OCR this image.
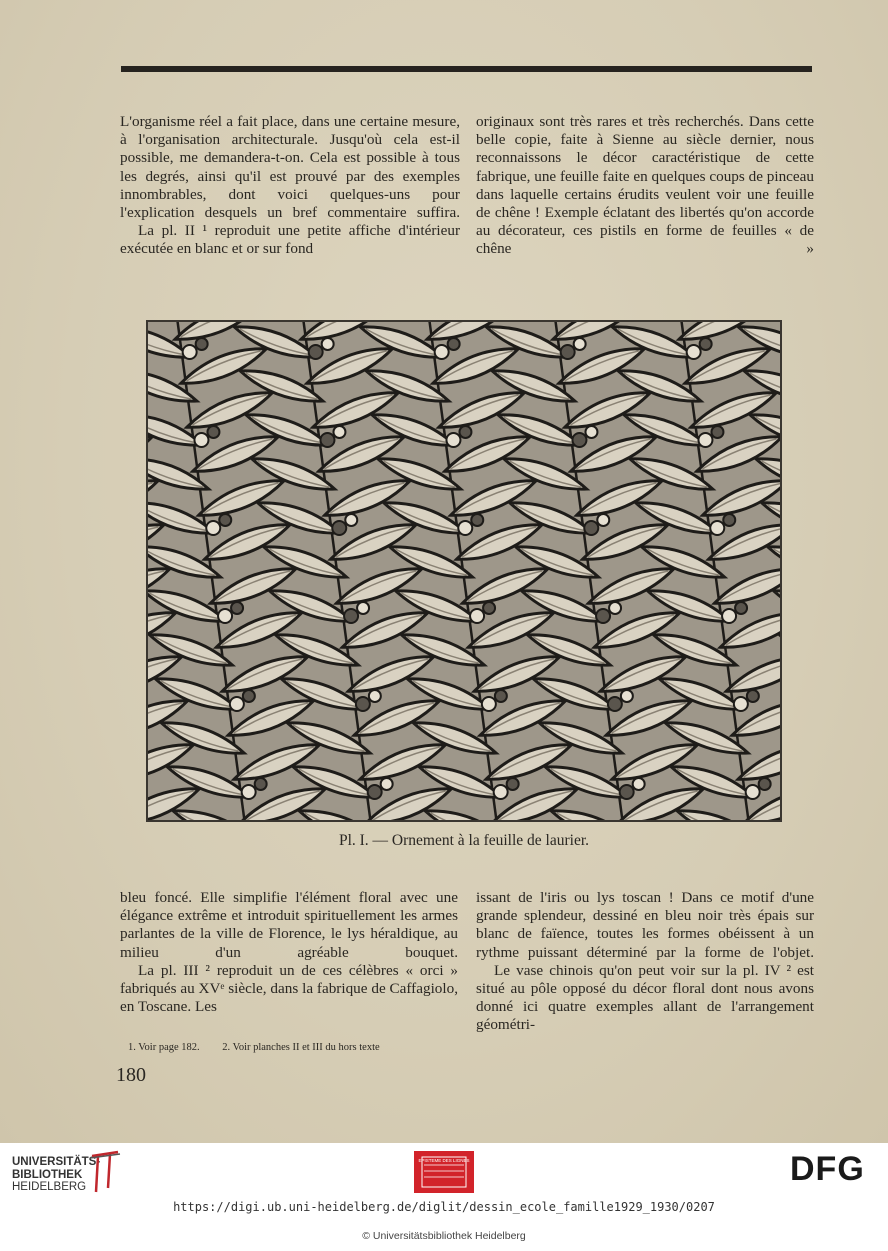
L'organisme réel a fait place, dans une certaine mesure, à l'organisation architecturale. Jusqu'où cela est-il possible, me demandera-t-on. Cela est possible à tous les degrés, ainsi qu'il est prouvé par des exemples innombrables, dont voici quelques-uns pour l'explication desquels un bref commentaire suffira.

La pl. II ¹ reproduit une petite affiche d'intérieur exécutée en blanc et or sur fond

originaux sont très rares et très recherchés. Dans cette belle copie, faite à Sienne au siècle dernier, nous reconnaissons le décor caractéristique de cette fabrique, une feuille faite en quelques coups de pinceau dans laquelle certains érudits veulent voir une feuille de chêne ! Exemple éclatant des libertés qu'on accorde au décorateur, ces pistils en forme de feuilles « de chêne »

Pl. I. — Ornement à la feuille de laurier.

bleu foncé. Elle simplifie l'élément floral avec une élégance extrême et introduit spirituellement les armes parlantes de la ville de Florence, le lys héraldique, au milieu d'un agréable bouquet.

La pl. III ² reproduit un de ces célèbres « orci » fabriqués au XVᵉ siècle, dans la fabrique de Caffagiolo, en Toscane. Les

issant de l'iris ou lys toscan ! Dans ce motif d'une grande splendeur, dessiné en bleu noir très épais sur blanc de faïence, toutes les formes obéissent à un rythme puissant déterminé par la forme de l'objet.

Le vase chinois qu'on peut voir sur la pl. IV ² est situé au pôle opposé du décor floral dont nous avons donné ici quatre exemples allant de l'arrangement géométri-

1. Voir page 182. 2. Voir planches II et III du hors texte
180
UNIVERSITÄTS-
BIBLIOTHEK
HEIDELBERG
EPISTEME DES LIGNES	DFG
https://digi.ub.uni-heidelberg.de/diglit/dessin_ecole_famille1929_1930/0207
© Universitätsbibliothek Heidelberg
